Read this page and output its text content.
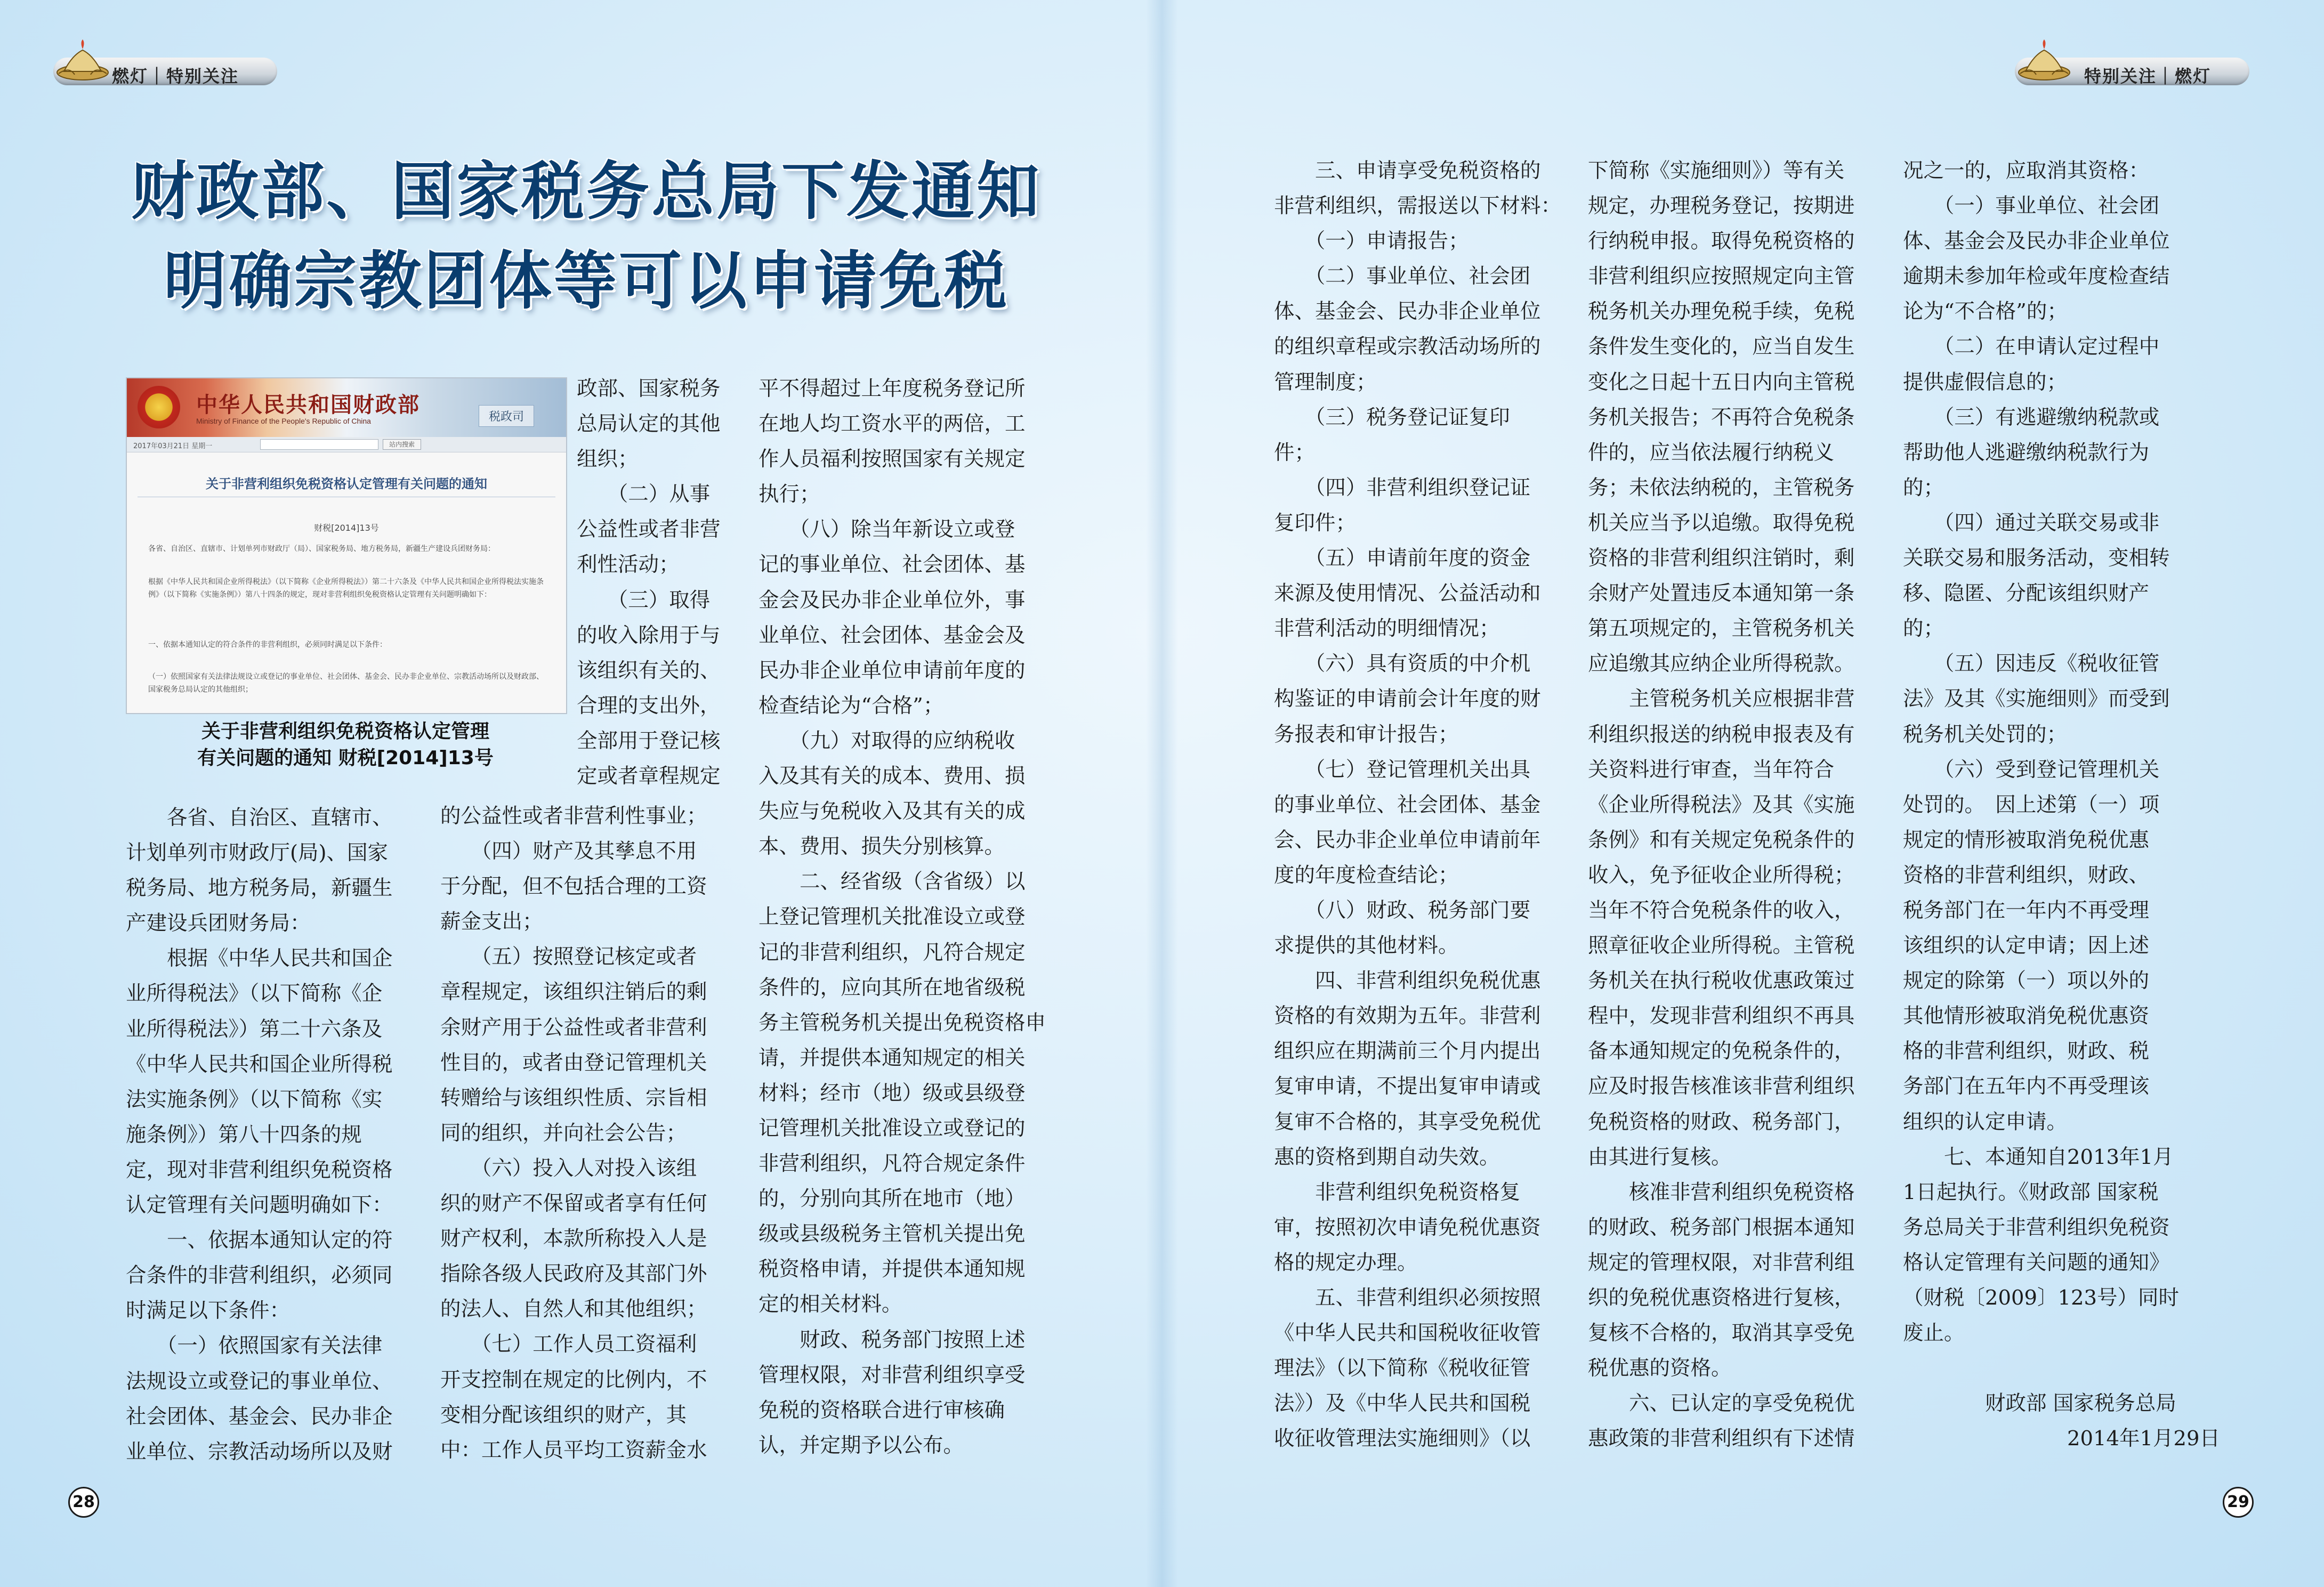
燃灯｜特别关注
财政部、国家税务总局下发通知
明确宗教团体等可以申请免税
中华人民共和国财政部
Ministry of Finance of the People's Republic of China	税政司
2017年03月21日 星期一	站内搜索
关于非营利组织免税资格认定管理有关问题的通知
财税[2014]13号
各省、自治区、直辖市、计划单列市财政厅（局）、国家税务局、地方税务局，新疆生产建设兵团财务局：
根据《中华人民共和国企业所得税法》（以下简称《企业所得税法》）第二十六条及《中华人民共和国企业所得税法实施条例》（以下简称《实施条例》）第八十四条的规定，现对非营利组织免税资格认定管理有关问题明确如下：
一、依据本通知认定的符合条件的非营利组织，必须同时满足以下条件：
（一）依照国家有关法律法规设立或登记的事业单位、社会团体、基金会、民办非企业单位、宗教活动场所以及财政部、国家税务总局认定的其他组织；
关于非营利组织免税资格认定管理
有关问题的通知 财税[2014]13号
　　各省、自治区、直辖市、
计划单列市财政厅(局)、国家
税务局、地方税务局，新疆生
产建设兵团财务局：
　　根据《中华人民共和国企
业所得税法》（以下简称《企
业所得税法》）第二十六条及
《中华人民共和国企业所得税
法实施条例》（以下简称《实
施条例》）第八十四条的规
定，现对非营利组织免税资格
认定管理有关问题明确如下：
　　一、依据本通知认定的符
合条件的非营利组织，必须同
时满足以下条件：
　　（一）依照国家有关法律
法规设立或登记的事业单位、
社会团体、基金会、民办非企
业单位、宗教活动场所以及财
政部、国家税务
总局认定的其他
组织；
　　（二）从事
公益性或者非营
利性活动；
　　（三）取得
的收入除用于与
该组织有关的、
合理的支出外，
全部用于登记核
定或者章程规定
的公益性或者非营利性事业；
　　（四）财产及其孳息不用
于分配，但不包括合理的工资
薪金支出；
　　（五）按照登记核定或者
章程规定，该组织注销后的剩
余财产用于公益性或者非营利
性目的，或者由登记管理机关
转赠给与该组织性质、宗旨相
同的组织，并向社会公告；
　　（六）投入人对投入该组
织的财产不保留或者享有任何
财产权利，本款所称投入人是
指除各级人民政府及其部门外
的法人、自然人和其他组织；
　　（七）工作人员工资福利
开支控制在规定的比例内，不
变相分配该组织的财产，其
中：工作人员平均工资薪金水
平不得超过上年度税务登记所
在地人均工资水平的两倍，工
作人员福利按照国家有关规定
执行；
　　（八）除当年新设立或登
记的事业单位、社会团体、基
金会及民办非企业单位外，事
业单位、社会团体、基金会及
民办非企业单位申请前年度的
检查结论为“合格”；
　　（九）对取得的应纳税收
入及其有关的成本、费用、损
失应与免税收入及其有关的成
本、费用、损失分别核算。
　　二、经省级（含省级）以
上登记管理机关批准设立或登
记的非营利组织，凡符合规定
条件的，应向其所在地省级税
务主管税务机关提出免税资格申
请，并提供本通知规定的相关
材料；经市（地）级或县级登
记管理机关批准设立或登记的
非营利组织，凡符合规定条件
的，分别向其所在地市（地）
级或县级税务主管机关提出免
税资格申请，并提供本通知规
定的相关材料。
　　财政、税务部门按照上述
管理权限，对非营利组织享受
免税的资格联合进行审核确
认，并定期予以公布。
28
　　三、申请享受免税资格的
非营利组织，需报送以下材料：
　　（一）申请报告；
　　（二）事业单位、社会团
体、基金会、民办非企业单位
的组织章程或宗教活动场所的
管理制度；
　　（三）税务登记证复印
件；
　　（四）非营利组织登记证
复印件；
　　（五）申请前年度的资金
来源及使用情况、公益活动和
非营利活动的明细情况；
　　（六）具有资质的中介机
构鉴证的申请前会计年度的财
务报表和审计报告；
　　（七）登记管理机关出具
的事业单位、社会团体、基金
会、民办非企业单位申请前年
度的年度检查结论；
　　（八）财政、税务部门要
求提供的其他材料。
　　四、非营利组织免税优惠
资格的有效期为五年。非营利
组织应在期满前三个月内提出
复审申请，不提出复审申请或
复审不合格的，其享受免税优
惠的资格到期自动失效。
　　非营利组织免税资格复
审，按照初次申请免税优惠资
格的规定办理。
　　五、非营利组织必须按照
《中华人民共和国税收征收管
理法》（以下简称《税收征管
法》）及《中华人民共和国税
收征收管理法实施细则》（以
下简称《实施细则》）等有关
规定，办理税务登记，按期进
行纳税申报。取得免税资格的
非营利组织应按照规定向主管
税务机关办理免税手续，免税
条件发生变化的，应当自发生
变化之日起十五日内向主管税
务机关报告；不再符合免税条
件的，应当依法履行纳税义
务；未依法纳税的，主管税务
机关应当予以追缴。取得免税
资格的非营利组织注销时，剩
余财产处置违反本通知第一条
第五项规定的，主管税务机关
应追缴其应纳企业所得税款。
　　主管税务机关应根据非营
利组织报送的纳税申报表及有
关资料进行审查，当年符合
《企业所得税法》及其《实施
条例》和有关规定免税条件的
收入，免予征收企业所得税；
当年不符合免税条件的收入，
照章征收企业所得税。主管税
务机关在执行税收优惠政策过
程中，发现非营利组织不再具
备本通知规定的免税条件的，
应及时报告核准该非营利组织
免税资格的财政、税务部门，
由其进行复核。
　　核准非营利组织免税资格
的财政、税务部门根据本通知
规定的管理权限，对非营利组
织的免税优惠资格进行复核，
复核不合格的，取消其享受免
税优惠的资格。
　　六、已认定的享受免税优
惠政策的非营利组织有下述情
况之一的，应取消其资格：
　　（一）事业单位、社会团
体、基金会及民办非企业单位
逾期未参加年检或年度检查结
论为“不合格”的；
　　（二）在申请认定过程中
提供虚假信息的；
　　（三）有逃避缴纳税款或
帮助他人逃避缴纳税款行为
的；
　　（四）通过关联交易或非
关联交易和服务活动，变相转
移、隐匿、分配该组织财产
的；
　　（五）因违反《税收征管
法》及其《实施细则》而受到
税务机关处罚的；
　　（六）受到登记管理机关
处罚的。　因上述第（一）项
规定的情形被取消免税优惠
资格的非营利组织，财政、
税务部门在一年内不再受理
该组织的认定申请；因上述
规定的除第（一）项以外的
其他情形被取消免税优惠资
格的非营利组织，财政、税
务部门在五年内不再受理该
组织的认定申请。
　　七、本通知自2013年1月
1日起执行。《财政部 国家税
务总局关于非营利组织免税资
格认定管理有关问题的通知》
（财税〔2009〕123号）同时
废止。
　　　　财政部 国家税务总局
　　　　　　　　2014年1月29日
特别关注｜燃灯
29
